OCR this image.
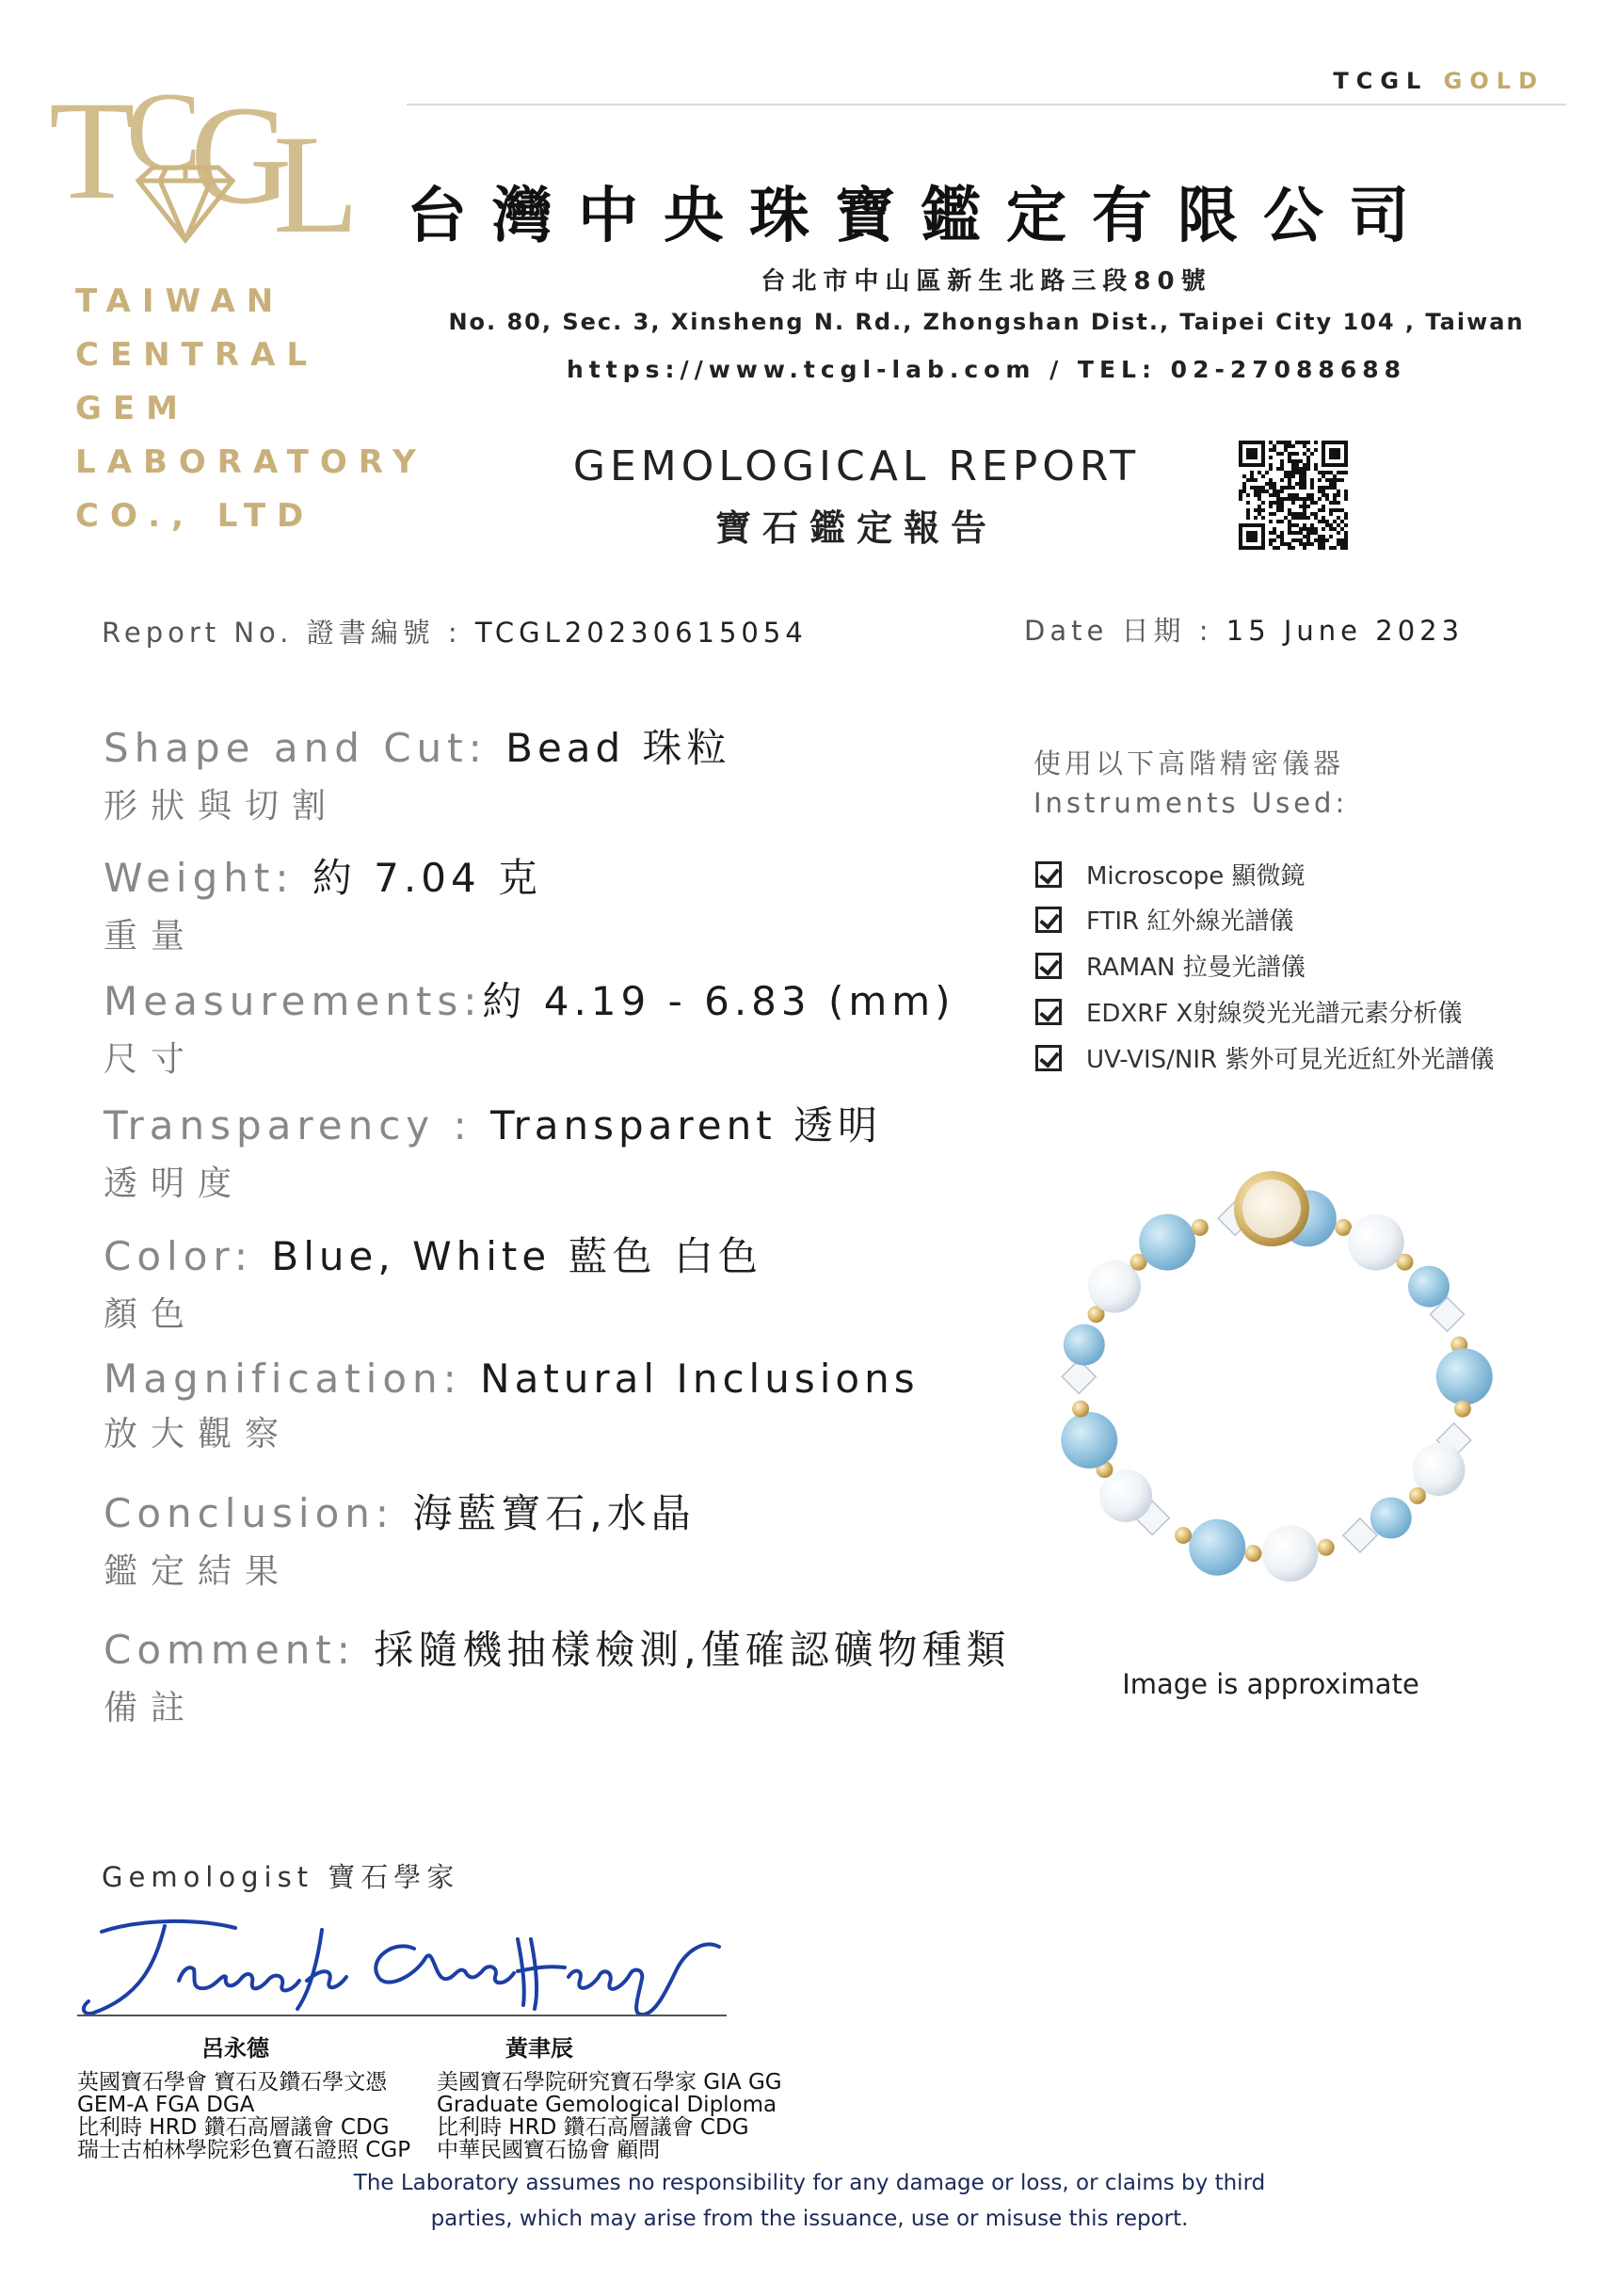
TCGL GOLD
T
C
G
L
TAIWAN
CENTRAL
GEM
LABORATORY
CO., LTD
台灣中央珠寶鑑定有限公司
台北市中山區新生北路三段80號
No. 80, Sec. 3, Xinsheng N. Rd., Zhongshan Dist., Taipei City 104 , Taiwan
https://www.tcgl-lab.com / TEL: 02-27088688
GEMOLOGICAL REPORT
寶石鑑定報告
Report No. 證書編號 : TCGL20230615054	Date 日期 : 15 June 2023
Shape and Cut: Bead 珠粒
形狀與切割
Weight: 約 7.04 克
重量
Measurements:約 4.19 - 6.83 (mm)
尺寸
Transparency : Transparent 透明
透明度
Color: Blue, White 藍色 白色
顏色
Magnification: Natural Inclusions
放大觀察
Conclusion: 海藍寶石,水晶
鑑定結果
Comment: 採隨機抽樣檢測,僅確認礦物種類
備註
使用以下高階精密儀器
Instruments Used:
Microscope 顯微鏡
FTIR 紅外線光譜儀
RAMAN 拉曼光譜儀
EDXRF X射線熒光光譜元素分析儀
UV-VIS/NIR 紫外可見光近紅外光譜儀
Image is approximate
Gemologist 寶石學家
呂永德	黃聿辰
英國寶石學會 寶石及鑽石學文憑
GEM-A FGA DGA
比利時 HRD 鑽石高層議會 CDG
瑞士古柏林學院彩色寶石證照 CGP
美國寶石學院研究寶石學家 GIA GG
Graduate Gemological Diploma
比利時 HRD 鑽石高層議會 CDG
中華民國寶石協會 顧問
The Laboratory assumes no responsibility for any damage or loss, or claims by third
parties, which may arise from the issuance, use or misuse this report.
